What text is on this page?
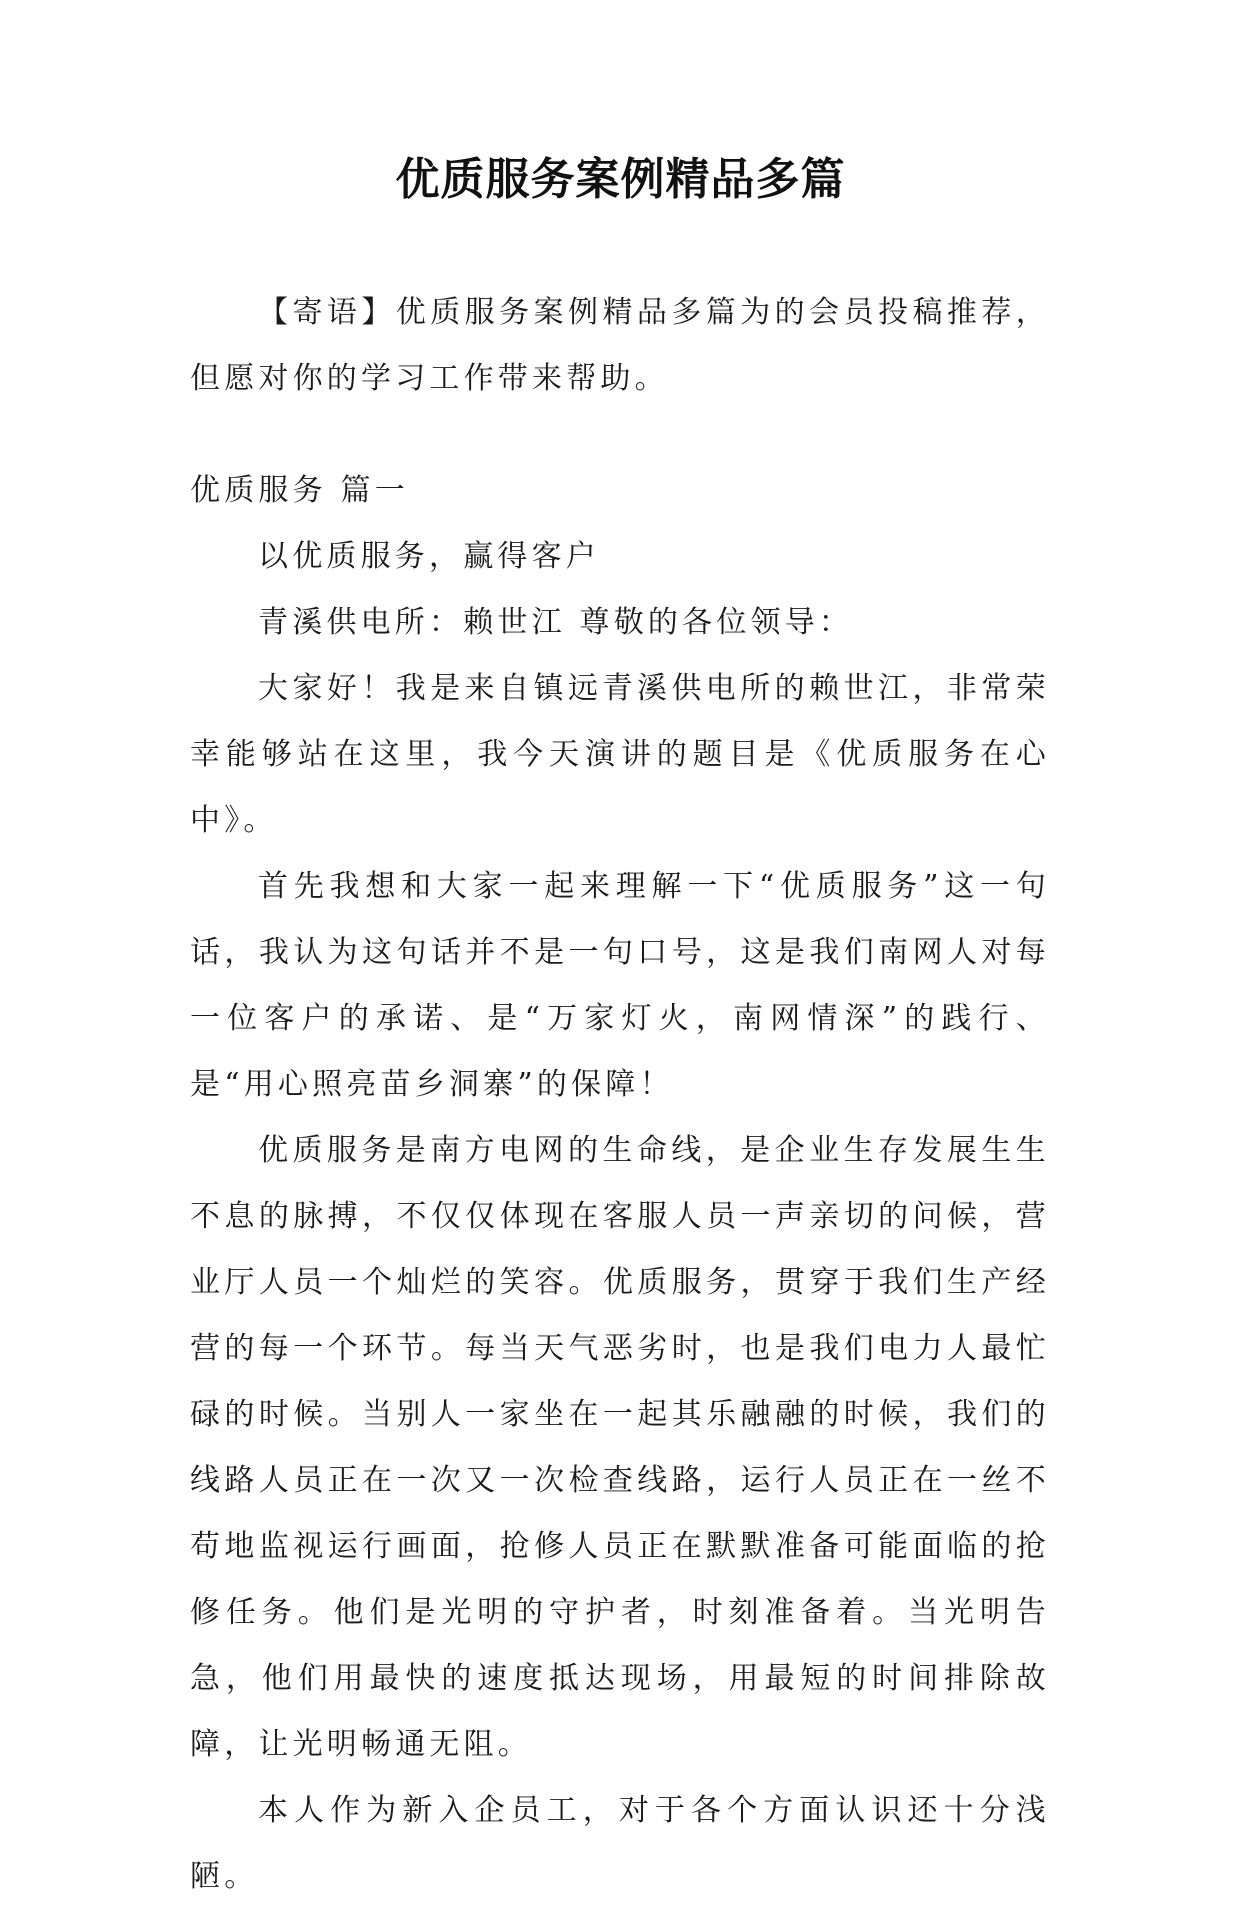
优质服务案例精品多篇

【寄语】优质服务案例精品多篇为的会员投稿推荐，但愿对你的学习工作带来帮助。

优质服务 篇一

以优质服务，赢得客户

青溪供电所：赖世江 尊敬的各位领导：

大家好！我是来自镇远青溪供电所的赖世江，非常荣幸能够站在这里，我今天演讲的题目是《优质服务在心中》。

首先我想和大家一起来理解一下“优质服务”这一句话，我认为这句话并不是一句口号，这是我们南网人对每一位客户的承诺、是“万家灯火，南网情深”的践行、是“用心照亮苗乡洞寨”的保障！

优质服务是南方电网的生命线，是企业生存发展生生不息的脉搏，不仅仅体现在客服人员一声亲切的问候，营业厅人员一个灿烂的笑容。优质服务，贯穿于我们生产经营的每一个环节。每当天气恶劣时，也是我们电力人最忙碌的时候。当别人一家坐在一起其乐融融的时候，我们的线路人员正在一次又一次检查线路，运行人员正在一丝不苟地监视运行画面，抢修人员正在默默准备可能面临的抢修任务。他们是光明的守护者，时刻准备着。当光明告急，他们用最快的速度抵达现场，用最短的时间排除故障，让光明畅通无阻。

本人作为新入企员工，对于各个方面认识还十分浅陋。
